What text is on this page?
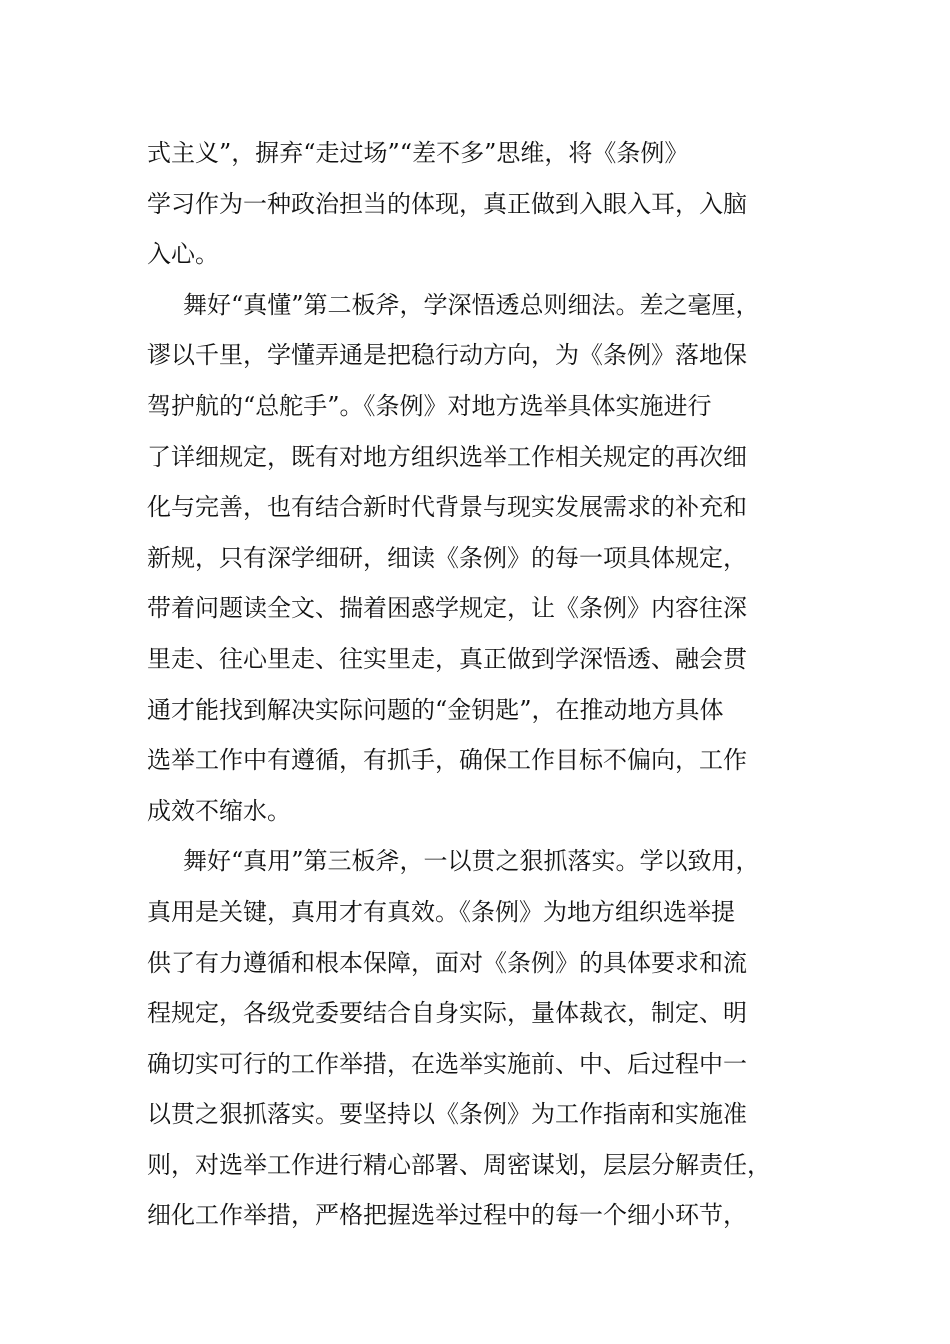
式主义”，摒弃“走过场”“差不多”思维，将《条例》
学习作为一种政治担当的体现，真正做到入眼入耳，入脑
入心。
舞好“真懂”第二板斧，学深悟透总则细法。差之毫厘，
谬以千里，学懂弄通是把稳行动方向，为《条例》落地保
驾护航的“总舵手”。《条例》对地方选举具体实施进行
了详细规定，既有对地方组织选举工作相关规定的再次细
化与完善，也有结合新时代背景与现实发展需求的补充和
新规，只有深学细研，细读《条例》的每一项具体规定，
带着问题读全文、揣着困惑学规定，让《条例》内容往深
里走、往心里走、往实里走，真正做到学深悟透、融会贯
通才能找到解决实际问题的“金钥匙”，在推动地方具体
选举工作中有遵循，有抓手，确保工作目标不偏向，工作
成效不缩水。
舞好“真用”第三板斧，一以贯之狠抓落实。学以致用，
真用是关键，真用才有真效。《条例》为地方组织选举提
供了有力遵循和根本保障，面对《条例》的具体要求和流
程规定，各级党委要结合自身实际，量体裁衣，制定、明
确切实可行的工作举措，在选举实施前、中、后过程中一
以贯之狠抓落实。要坚持以《条例》为工作指南和实施准
则，对选举工作进行精心部署、周密谋划，层层分解责任，
细化工作举措，严格把握选举过程中的每一个细小环节，
